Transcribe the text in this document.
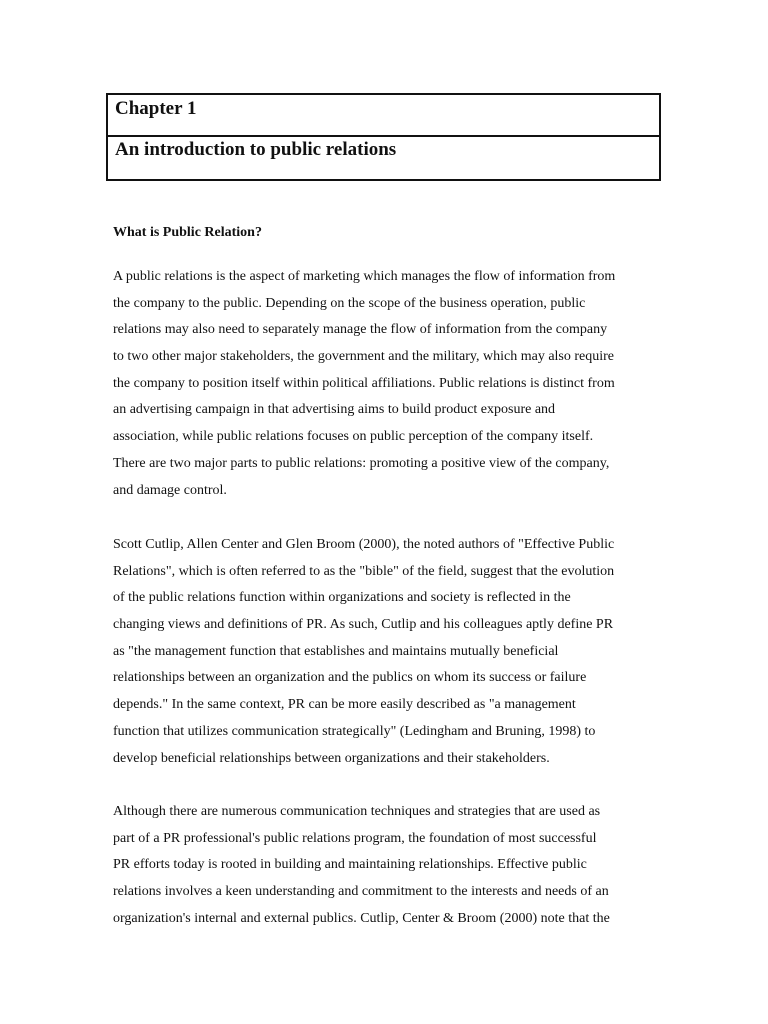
Chapter 1
An introduction to public relations
What is Public Relation?

A public relations is the aspect of marketing which manages the flow of information from
the company to the public. Depending on the scope of the business operation, public
relations may also need to separately manage the flow of information from the company
to two other major stakeholders, the government and the military, which may also require
the company to position itself within political affiliations. Public relations is distinct from
an advertising campaign in that advertising aims to build product exposure and
association, while public relations focuses on public perception of the company itself.
There are two major parts to public relations: promoting a positive view of the company,
and damage control.

Scott Cutlip, Allen Center and Glen Broom (2000), the noted authors of "Effective Public
Relations", which is often referred to as the "bible" of the field, suggest that the evolution
of the public relations function within organizations and society is reflected in the
changing views and definitions of PR. As such, Cutlip and his colleagues aptly define PR
as "the management function that establishes and maintains mutually beneficial
relationships between an organization and the publics on whom its success or failure
depends." In the same context, PR can be more easily described as "a management
function that utilizes communication strategically" (Ledingham and Bruning, 1998) to
develop beneficial relationships between organizations and their stakeholders.

Although there are numerous communication techniques and strategies that are used as
part of a PR professional's public relations program, the foundation of most successful
PR efforts today is rooted in building and maintaining relationships. Effective public
relations involves a keen understanding and commitment to the interests and needs of an
organization's internal and external publics. Cutlip, Center & Broom (2000) note that the
